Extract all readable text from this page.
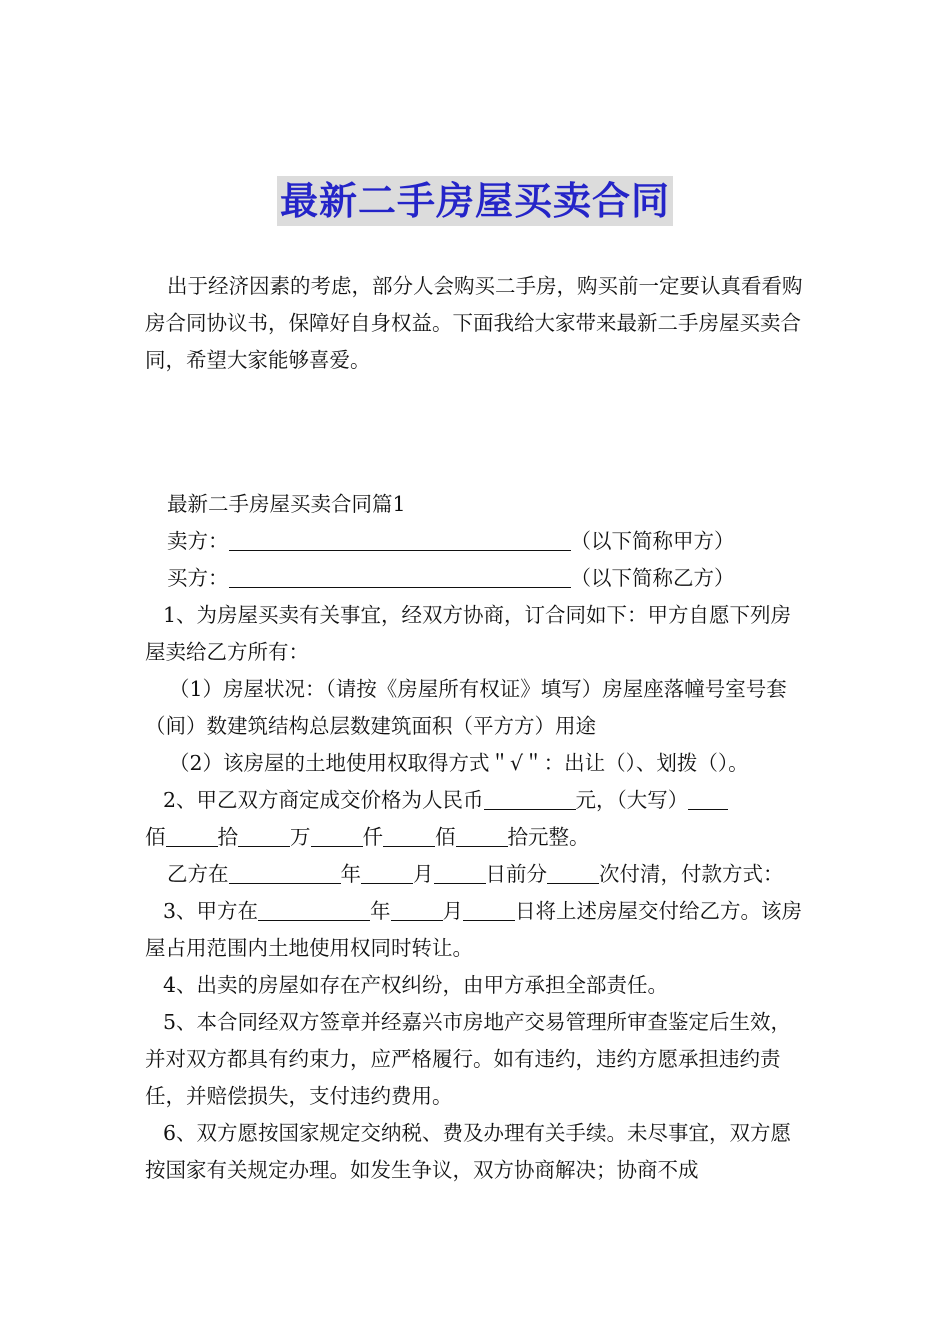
最新二手房屋买卖合同

出于经济因素的考虑，部分人会购买二手房，购买前一定要认真看看购房合同协议书，保障好自身权益。下面我给大家带来最新二手房屋买卖合同，希望大家能够喜爱。

最新二手房屋买卖合同篇1

卖方：	（以下简称甲方）

买方：	（以下简称乙方）

1、为房屋买卖有关事宜，经双方协商，订合同如下：甲方自愿下列房屋卖给乙方所有：

（1）房屋状况：（请按《房屋所有权证》填写）房屋座落幢号室号套（间）数建筑结构总层数建筑面积（平方方）用途

（2）该房屋的土地使用权取得方式＂√＂：出让（）、划拨（）。

2、甲乙双方商定成交价格为人民币	元，（大写）
佰	拾	万	仟	佰	拾元整。

乙方在	年	月	日前分	次付清，付款方式：

3、甲方在	年	月	日将上述房屋交付给乙方。该房屋占用范围内土地使用权同时转让。

4、出卖的房屋如存在产权纠纷，由甲方承担全部责任。

5、本合同经双方签章并经嘉兴市房地产交易管理所审查鉴定后生效，并对双方都具有约束力，应严格履行。如有违约，违约方愿承担违约责任，并赔偿损失，支付违约费用。

6、双方愿按国家规定交纳税、费及办理有关手续。未尽事宜，双方愿按国家有关规定办理。如发生争议，双方协商解决；协商不成
